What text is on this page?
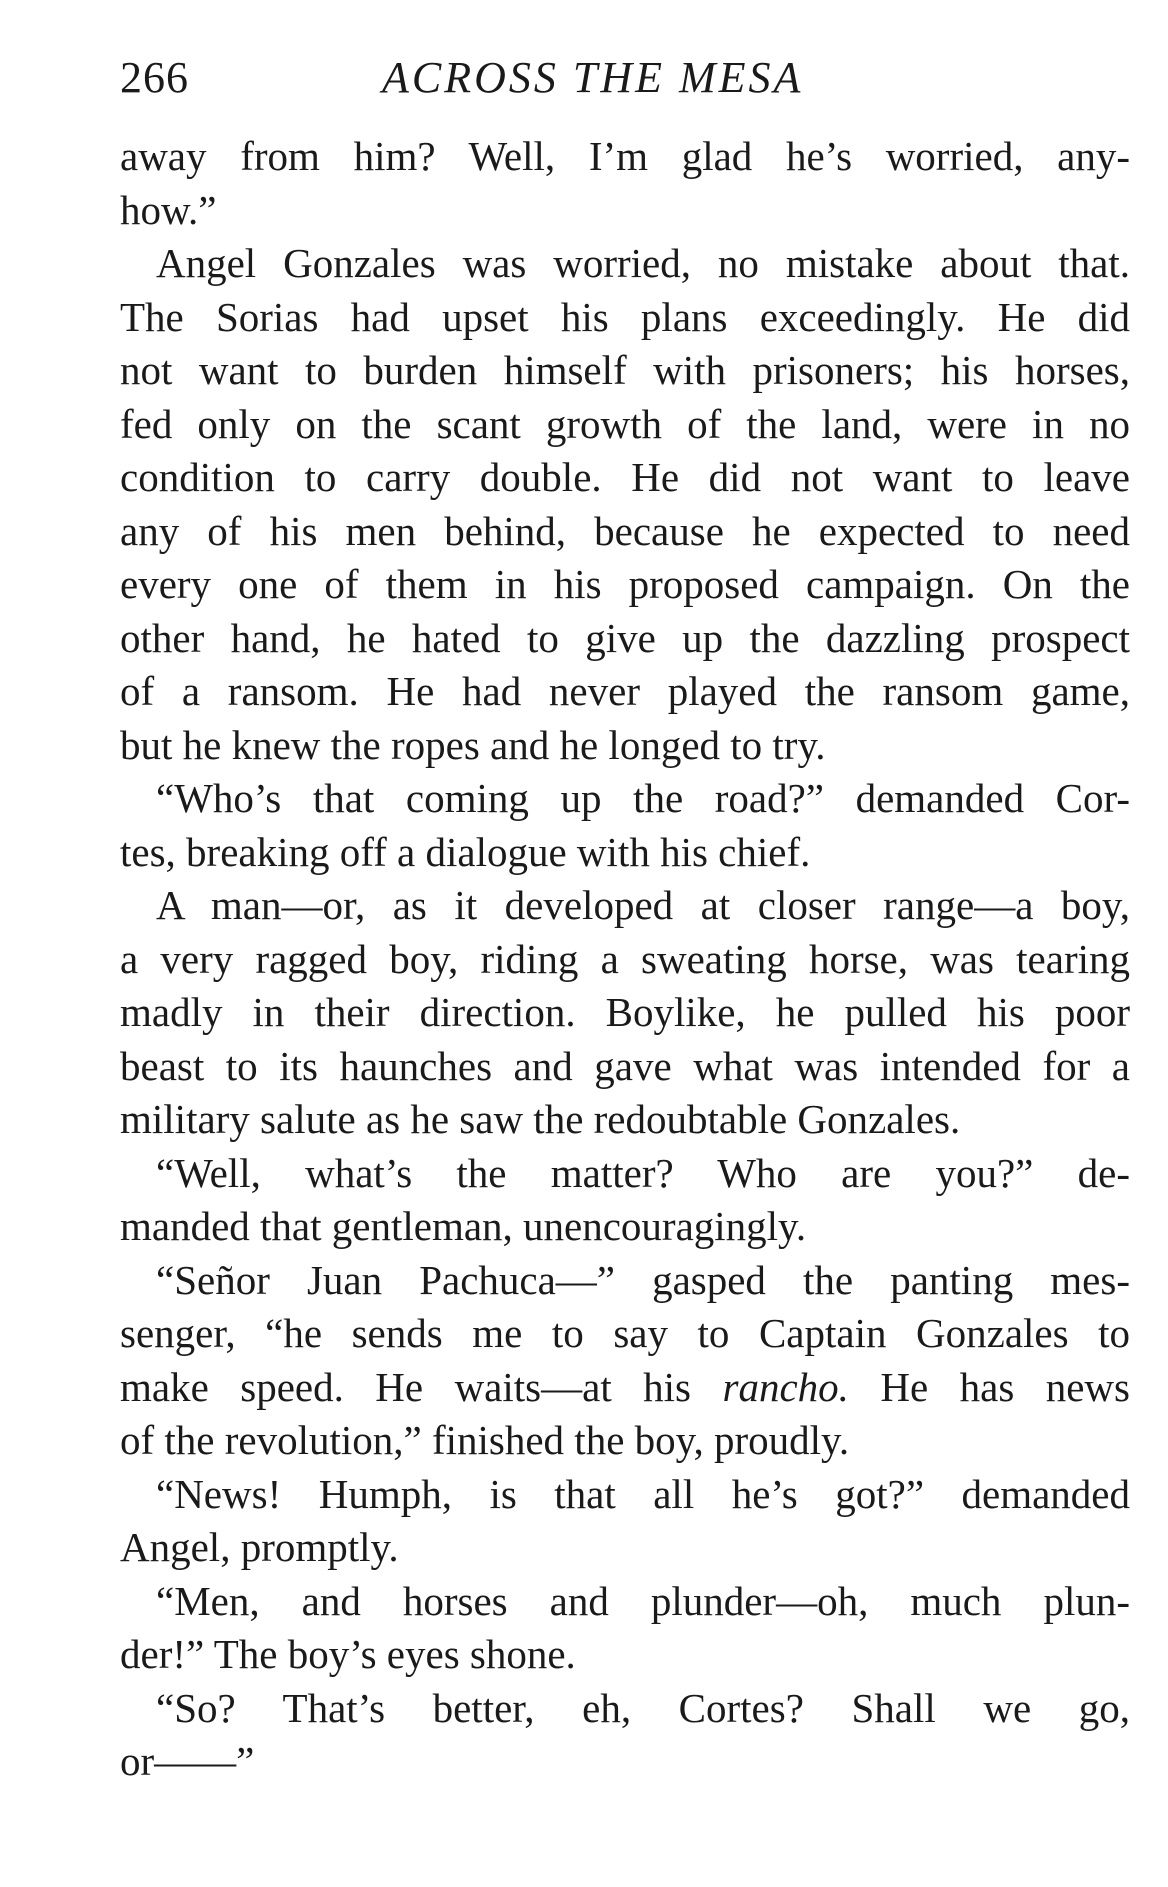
266	ACROSS THE MESA
away from him? Well, I’m glad he’s worried, any-
how.”
Angel Gonzales was worried, no mistake about that.
The Sorias had upset his plans exceedingly. He did
not want to burden himself with prisoners; his horses,
fed only on the scant growth of the land, were in no
condition to carry double. He did not want to leave
any of his men behind, because he expected to need
every one of them in his proposed campaign. On the
other hand, he hated to give up the dazzling prospect
of a ransom. He had never played the ransom game,
but he knew the ropes and he longed to try.
“Who’s that coming up the road?” demanded Cor-
tes, breaking off a dialogue with his chief.
A man—or, as it developed at closer range—a boy,
a very ragged boy, riding a sweating horse, was tearing
madly in their direction. Boylike, he pulled his poor
beast to its haunches and gave what was intended for a
military salute as he saw the redoubtable Gonzales.
“Well, what’s the matter? Who are you?” de-
manded that gentleman, unencouragingly.
“Señor Juan Pachuca—” gasped the panting mes-
senger, “he sends me to say to Captain Gonzales to
make speed. He waits—at his rancho. He has news
of the revolution,” finished the boy, proudly.
“News! Humph, is that all he’s got?” demanded
Angel, promptly.
“Men, and horses and plunder—oh, much plun-
der!” The boy’s eyes shone.
“So? That’s better, eh, Cortes? Shall we go,
or——”
